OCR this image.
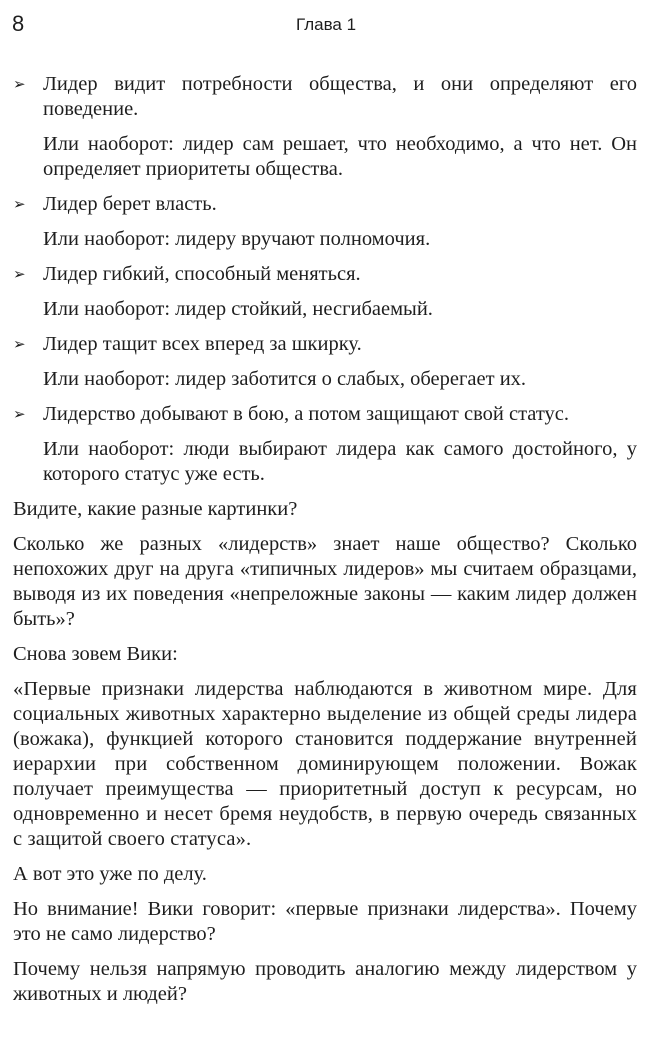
8	Глава 1

➢ Лидер видит потребности общества, и они определяют его поведение.

Или наоборот: лидер сам решает, что необходимо, а что нет. Он определяет приоритеты общества.

➢ Лидер берет власть.

Или наоборот: лидеру вручают полномочия.

➢ Лидер гибкий, способный меняться.

Или наоборот: лидер стойкий, несгибаемый.

➢ Лидер тащит всех вперед за шкирку.

Или наоборот: лидер заботится о слабых, оберегает их.

➢ Лидерство добывают в бою, а потом защищают свой статус.

Или наоборот: люди выбирают лидера как самого достойного, у которого статус уже есть.

Видите, какие разные картинки?

Сколько же разных «лидерств» знает наше общество? Сколько непохожих друг на друга «типичных лидеров» мы считаем образцами, выводя из их поведения «непреложные законы — каким лидер должен быть»?

Снова зовем Вики:

«Первые признаки лидерства наблюдаются в животном мире. Для социальных животных характерно выделение из общей среды лидера (вожака), функцией которого становится поддержание внутренней иерархии при собственном доминирующем положении. Вожак получает преимущества — приоритетный доступ к ресурсам, но одновременно и несет бремя неудобств, в первую очередь связанных с защитой своего статуса».

А вот это уже по делу.

Но внимание! Вики говорит: «первые признаки лидерства». Почему это не само лидерство?

Почему нельзя напрямую проводить аналогию между лидерством у животных и людей?
